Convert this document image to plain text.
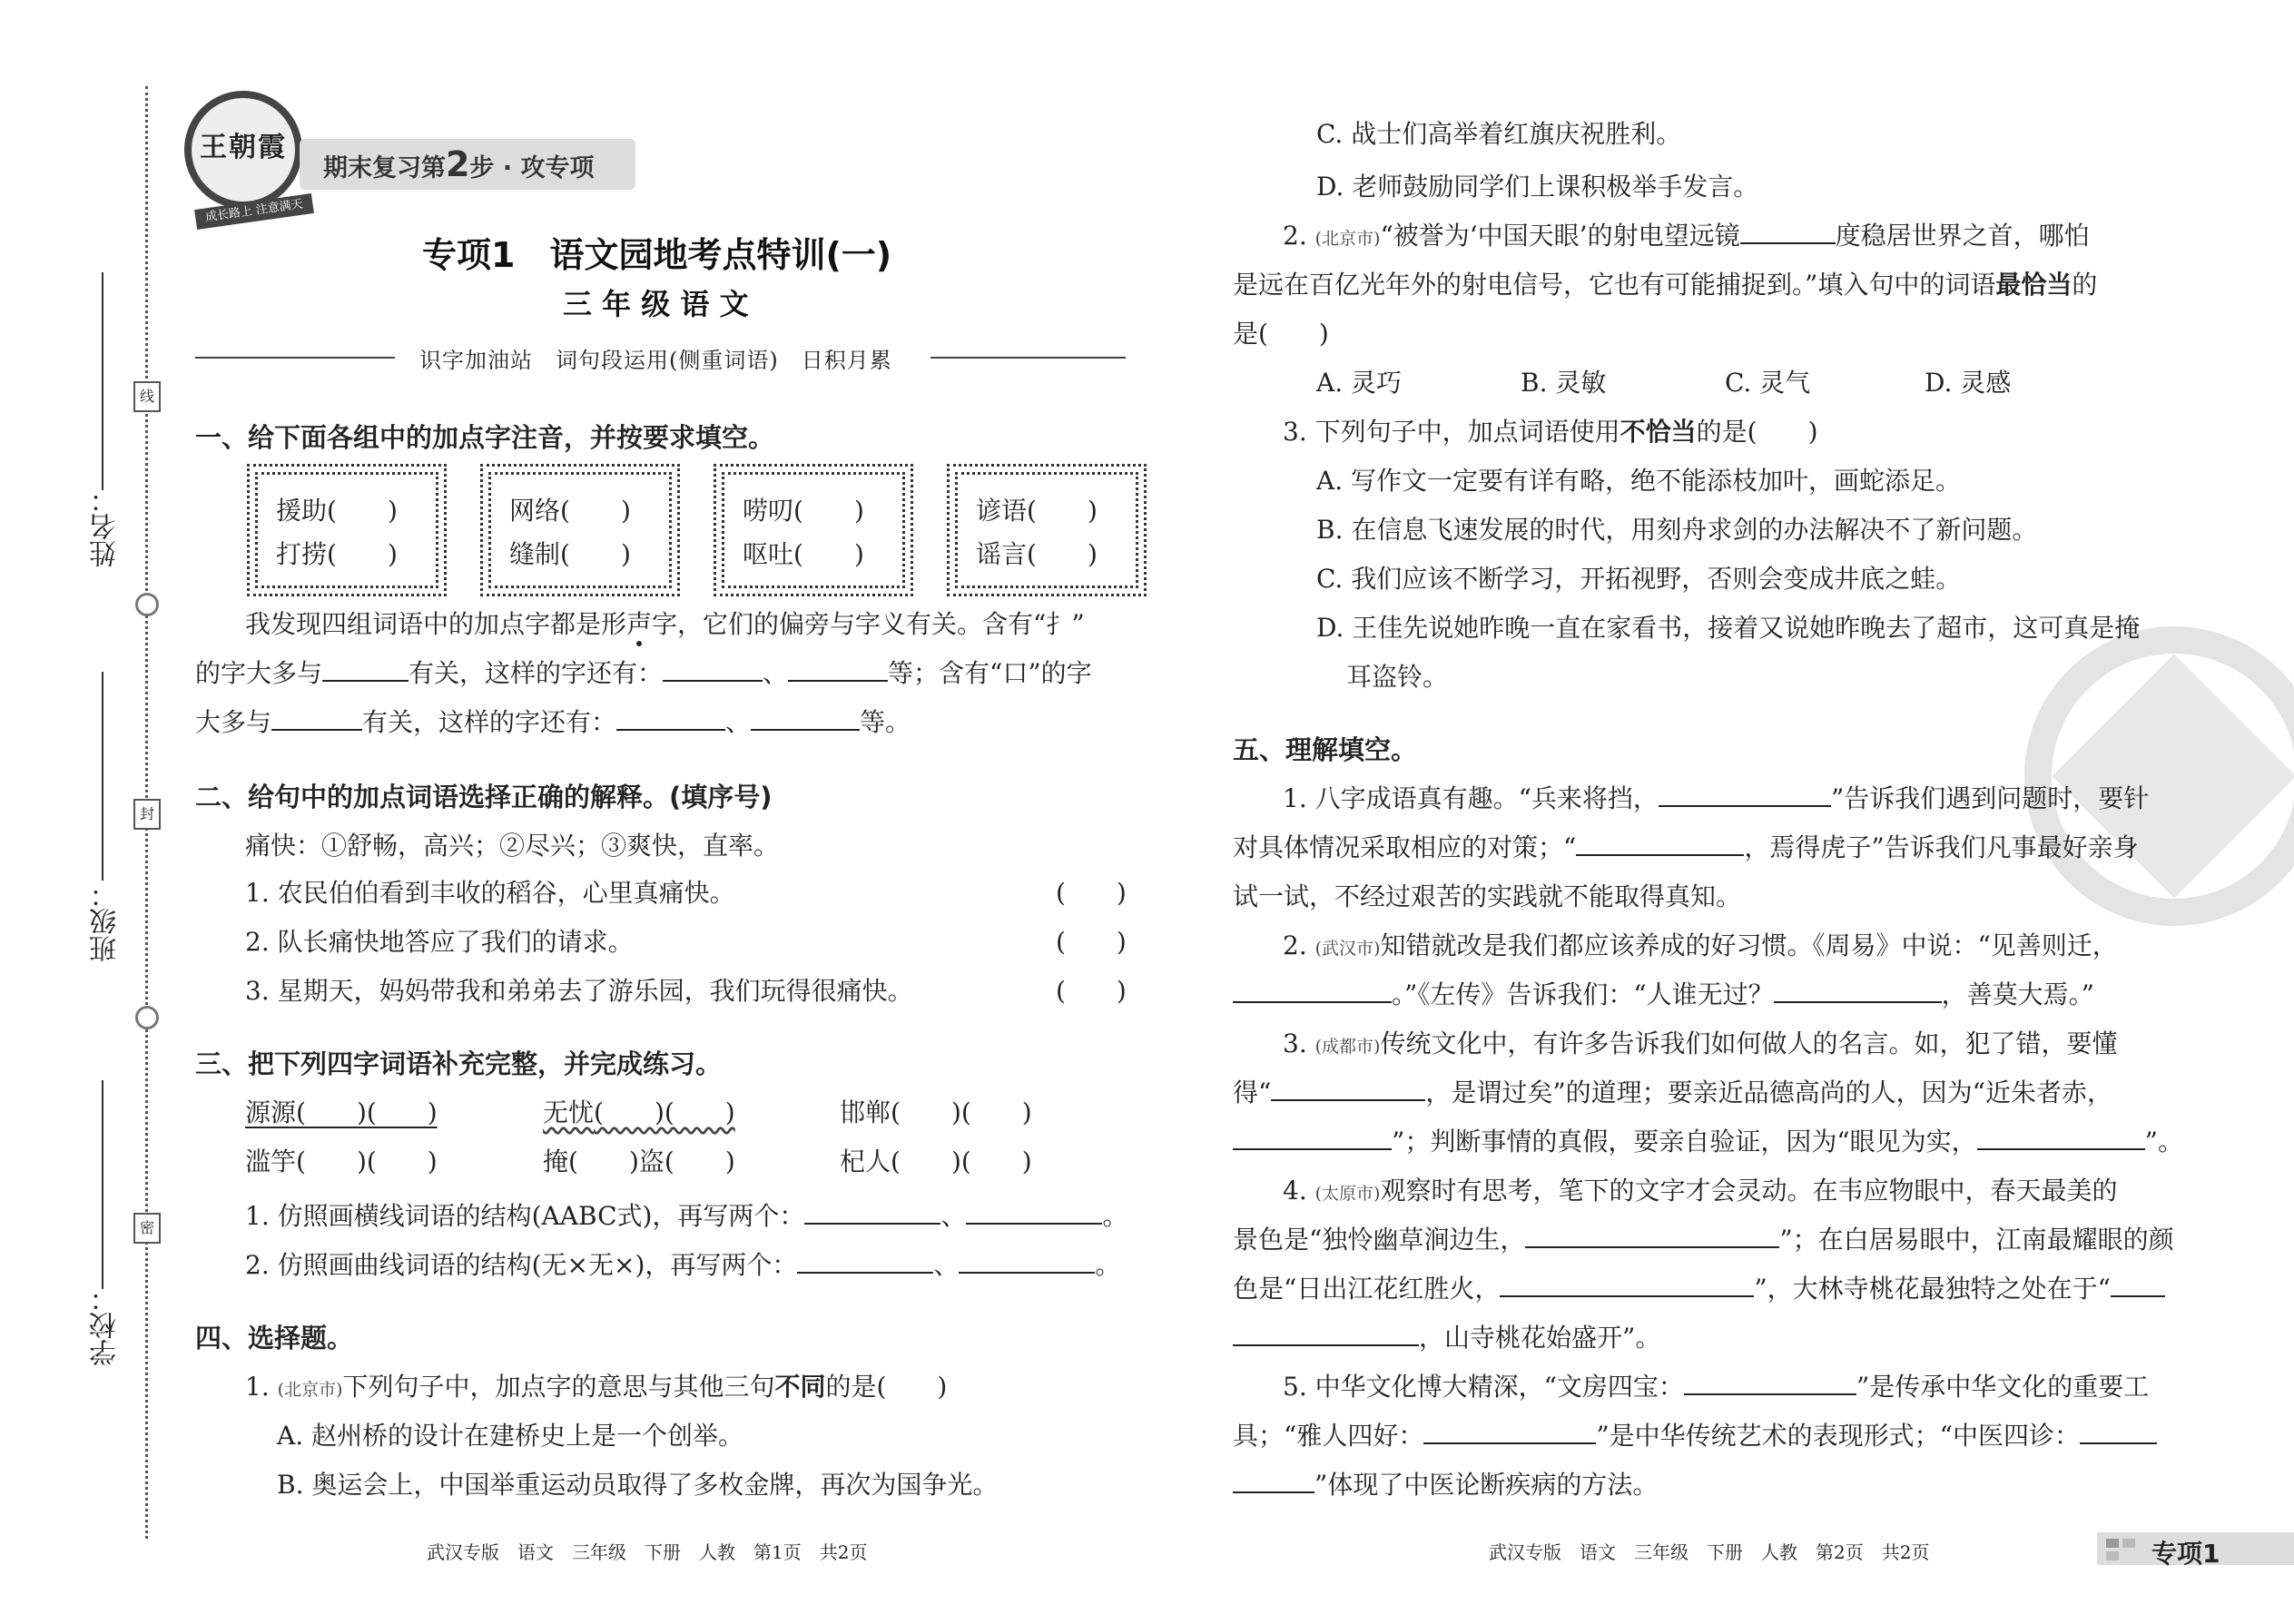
姓名：
班级：
学校：
线
封
密
王朝霞
成长路上 注意满天
期末复习第2步 · 攻专项
专项1　语文园地考点特训(一)
三 年 级 语 文
识字加油站　词句段运用(侧重词语)　日积月累
一、给下面各组中的加点字注音，并按要求填空。
援助(　　)
打捞(　　)
网络(　　)
缝制(　　)
唠叨(　　)
呕吐(　　)
谚语(　　)
谣言(　　)
我发现四组词语中的加点字都是形声字，它们的偏旁与字义有关。含有“扌”
的字大多与	有关，这样的字还有：	、	等；含有“口”的字
大多与	有关，这样的字还有：	、	等。
二、给句中的加点词语选择正确的解释。(填序号)
痛快：①舒畅，高兴；②尽兴；③爽快，直率。
1. 农民伯伯看到丰收的稻谷，心里真痛快。	(　　)
2. 队长痛快地答应了我们的请求。	(　　)
3. 星期天，妈妈带我和弟弟去了游乐园，我们玩得很痛快。	(　　)
三、把下列四字词语补充完整，并完成练习。
源源(　　)(　　)	无忧(　　)(　　)	邯郸(　　)(　　)
滥竽(　　)(　　)	掩(　　)盗(　　)	杞人(　　)(　　)
1. 仿照画横线词语的结构(AABC式)，再写两个：	、	。
2. 仿照画曲线词语的结构(无×无×)，再写两个：	、	。
四、选择题。
1. (北京市)下列句子中，加点字的意思与其他三句不同的是(　　)
A. 赵州桥的设计在建桥史上是一个创举。
B. 奥运会上，中国举重运动员取得了多枚金牌，再次为国争光。
武汉专版　语文　三年级　下册　人教　第1页　共2页
C. 战士们高举着红旗庆祝胜利。
D. 老师鼓励同学们上课积极举手发言。
2. (北京市)“被誉为‘中国天眼’的射电望远镜	度稳居世界之首，哪怕
是远在百亿光年外的射电信号，它也有可能捕捉到。”填入句中的词语最恰当的
是(　　)
A. 灵巧	B. 灵敏	C. 灵气	D. 灵感
3. 下列句子中，加点词语使用不恰当的是(　　)
A. 写作文一定要有详有略，绝不能添枝加叶，画蛇添足。
B. 在信息飞速发展的时代，用刻舟求剑的办法解决不了新问题。
C. 我们应该不断学习，开拓视野，否则会变成井底之蛙。
D. 王佳先说她昨晚一直在家看书，接着又说她昨晚去了超市，这可真是掩
耳盗铃。
五、理解填空。
1. 八字成语真有趣。“兵来将挡，	”告诉我们遇到问题时，要针
对具体情况采取相应的对策；“	，焉得虎子”告诉我们凡事最好亲身
试一试，不经过艰苦的实践就不能取得真知。
2. (武汉市)知错就改是我们都应该养成的好习惯。《周易》中说：“见善则迁，
。”《左传》告诉我们：“人谁无过？	，善莫大焉。”
3. (成都市)传统文化中，有许多告诉我们如何做人的名言。如，犯了错，要懂
得“	，是谓过矣”的道理；要亲近品德高尚的人，因为“近朱者赤，
”；判断事情的真假，要亲自验证，因为“眼见为实，	”。
4. (太原市)观察时有思考，笔下的文字才会灵动。在韦应物眼中，春天最美的
景色是“独怜幽草涧边生，	”；在白居易眼中，江南最耀眼的颜
色是“日出江花红胜火，	”，大林寺桃花最独特之处在于“
，山寺桃花始盛开”。
5. 中华文化博大精深，“文房四宝：	”是传承中华文化的重要工
具；“雅人四好：	”是中华传统艺术的表现形式；“中医四诊：
”体现了中医论断疾病的方法。
武汉专版　语文　三年级　下册　人教　第2页　共2页	专项1
